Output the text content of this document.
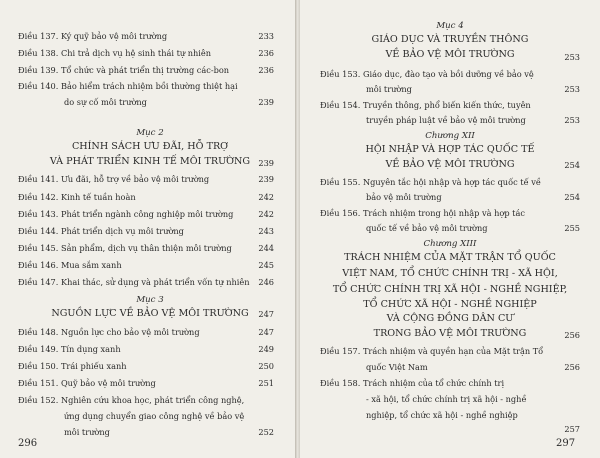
Điều 137. Ký quỹ bảo vệ môi trường	233
Điều 138. Chi trả dịch vụ hệ sinh thái tự nhiên	236
Điều 139. Tổ chức và phát triển thị trường các-bon	236
Điều 140. Bảo hiểm trách nhiệm bồi thường thiệt hại
do sự cố môi trường	239
Mục 2
CHÍNH SÁCH ƯU ĐÃI, HỖ TRỢ
VÀ PHÁT TRIỂN KINH TẾ MÔI TRƯỜNG	239
Điều 141. Ưu đãi, hỗ trợ về bảo vệ môi trường	239
Điều 142. Kinh tế tuần hoàn	242
Điều 143. Phát triển ngành công nghiệp môi trường	242
Điều 144. Phát triển dịch vụ môi trường	243
Điều 145. Sản phẩm, dịch vụ thân thiện môi trường	244
Điều 146. Mua sắm xanh	245
Điều 147. Khai thác, sử dụng và phát triển vốn tự nhiên	246
Mục 3
NGUỒN LỰC VỀ BẢO VỆ MÔI TRƯỜNG	247
Điều 148. Nguồn lực cho bảo vệ môi trường	247
Điều 149. Tín dụng xanh	249
Điều 150. Trái phiếu xanh	250
Điều 151. Quỹ bảo vệ môi trường	251
Điều 152. Nghiên cứu khoa học, phát triển công nghệ,
ứng dụng chuyển giao công nghệ về bảo vệ
môi trường	252
296
Mục 4
GIÁO DỤC VÀ TRUYỀN THÔNG
VỀ BẢO VỆ MÔI TRƯỜNG	253
Điều 153. Giáo dục, đào tạo và bồi dưỡng về bảo vệ
môi trường	253
Điều 154. Truyền thông, phổ biến kiến thức, tuyên
truyền pháp luật về bảo vệ môi trường	253
Chương XII
HỘI NHẬP VÀ HỢP TÁC QUỐC TẾ
VỀ BẢO VỆ MÔI TRƯỜNG	254
Điều 155. Nguyên tắc hội nhập và hợp tác quốc tế về
bảo vệ môi trường	254
Điều 156. Trách nhiệm trong hội nhập và hợp tác
quốc tế về bảo vệ môi trường	255
Chương XIII
TRÁCH NHIỆM CỦA MẶT TRẬN TỔ QUỐC
VIỆT NAM, TỔ CHỨC CHÍNH TRỊ - XÃ HỘI,
TỔ CHỨC CHÍNH TRỊ XÃ HỘI - NGHỀ NGHIỆP,
TỔ CHỨC XÃ HỘI - NGHỀ NGHIỆP
VÀ CỘNG ĐỒNG DÂN CƯ
TRONG BẢO VỆ MÔI TRƯỜNG	256
Điều 157. Trách nhiệm và quyền hạn của Mặt trận Tổ
quốc Việt Nam	256
Điều 158. Trách nhiệm của tổ chức chính trị
- xã hội, tổ chức chính trị xã hội - nghề
nghiệp, tổ chức xã hội - nghề nghiệp
257
297
